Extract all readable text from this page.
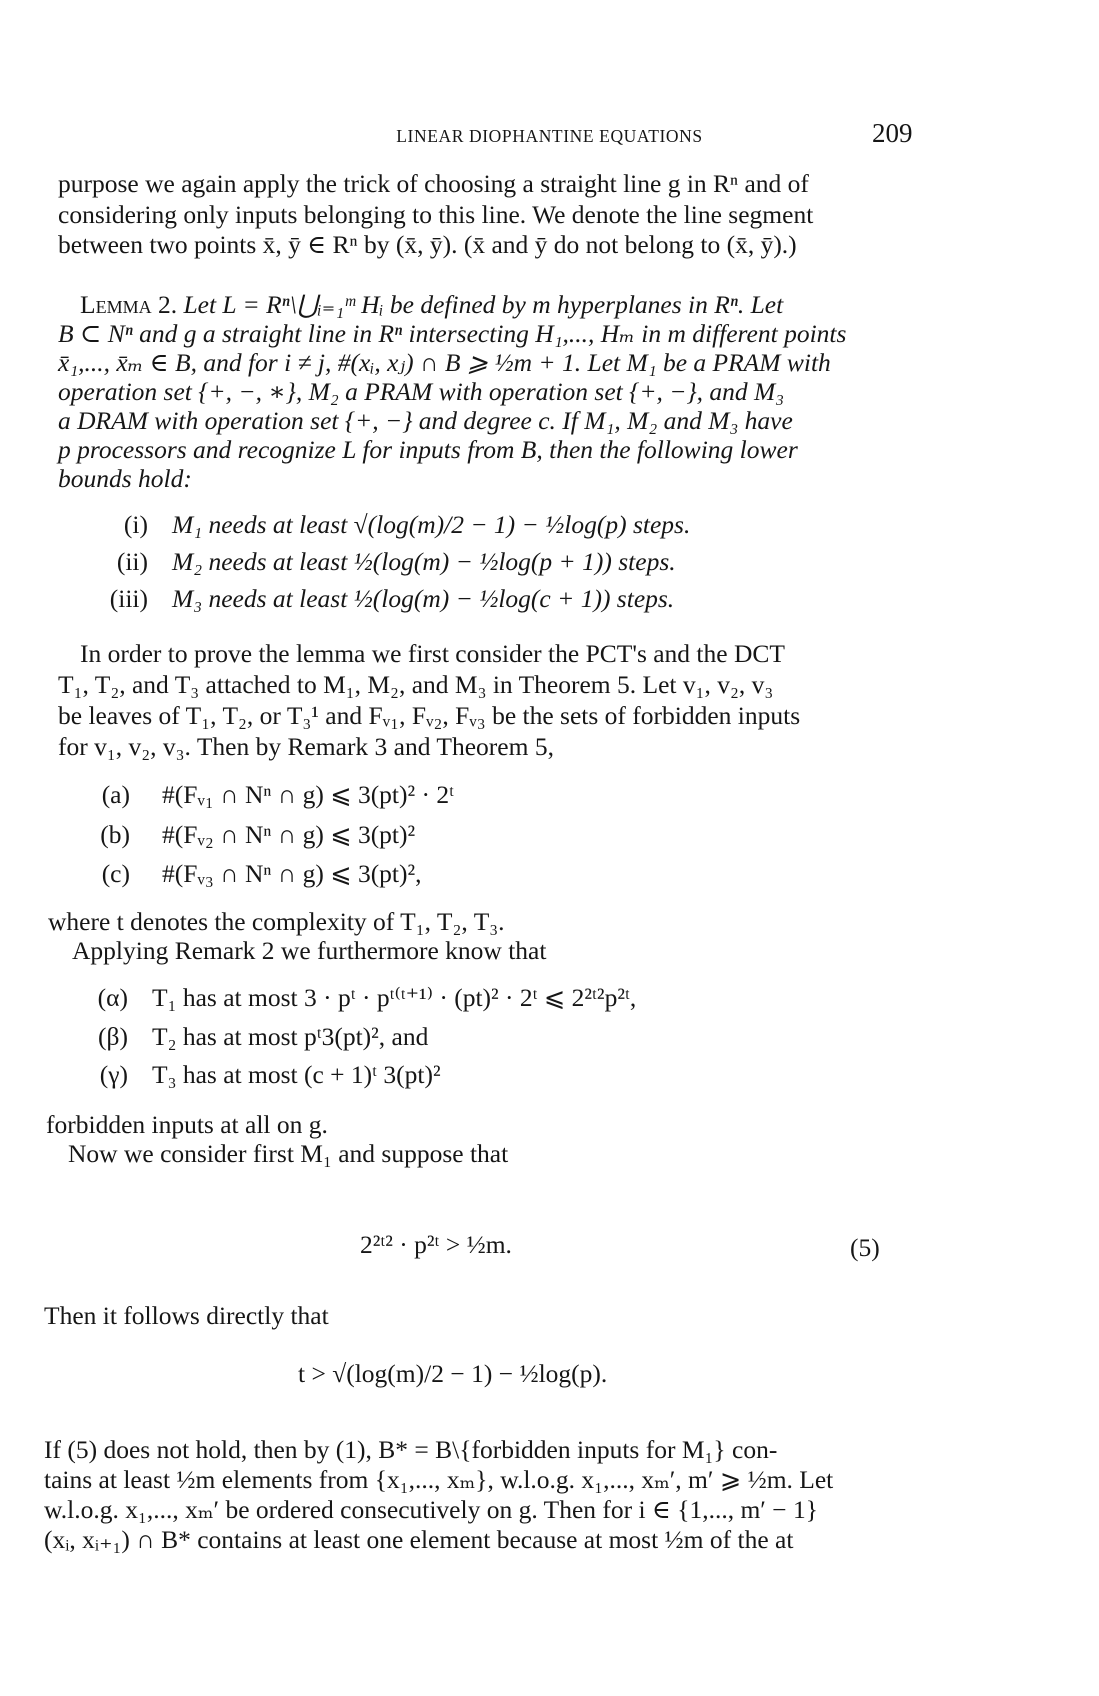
LINEAR DIOPHANTINE EQUATIONS	209
purpose we again apply the trick of choosing a straight line g in Rⁿ and of
considering only inputs belonging to this line. We denote the line segment
between two points x̄, ȳ ∈ Rⁿ by (x̄, ȳ). (x̄ and ȳ do not belong to (x̄, ȳ).)
Lemma 2. Let L = Rⁿ\⋃ᵢ₌₁ᵐ Hᵢ be defined by m hyperplanes in Rⁿ. Let
B ⊂ Nⁿ and g a straight line in Rⁿ intersecting H₁,..., Hₘ in m different points
x̄₁,..., x̄ₘ ∈ B, and for i ≠ j, #(xᵢ, xⱼ) ∩ B ⩾ ½m + 1. Let M₁ be a PRAM with
operation set {+, −, ∗}, M₂ a PRAM with operation set {+, −}, and M₃
a DRAM with operation set {+, −} and degree c. If M₁, M₂ and M₃ have
p processors and recognize L for inputs from B, then the following lower
bounds hold:
(i) M₁ needs at least √(log(m)/2 − 1) − ½log(p) steps.
(ii) M₂ needs at least ½(log(m) − ½log(p + 1)) steps.
(iii) M₃ needs at least ½(log(m) − ½log(c + 1)) steps.
In order to prove the lemma we first consider the PCT's and the DCT
T₁, T₂, and T₃ attached to M₁, M₂, and M₃ in Theorem 5. Let v₁, v₂, v₃
be leaves of T₁, T₂, or T₃¹ and Fᵥ₁, Fᵥ₂, Fᵥ₃ be the sets of forbidden inputs
for v₁, v₂, v₃. Then by Remark 3 and Theorem 5,
(a) #(Fᵥ₁ ∩ Nⁿ ∩ g) ⩽ 3(pt)² · 2ᵗ
(b) #(Fᵥ₂ ∩ Nⁿ ∩ g) ⩽ 3(pt)²
(c) #(Fᵥ₃ ∩ Nⁿ ∩ g) ⩽ 3(pt)²,
where t denotes the complexity of T₁, T₂, T₃.
Applying Remark 2 we furthermore know that
(α) T₁ has at most 3 · pᵗ · pᵗ⁽ᵗ⁺¹⁾ · (pt)² · 2ᵗ ⩽ 2²ᵗ²p²ᵗ,
(β) T₂ has at most pᵗ3(pt)², and
(γ) T₃ has at most (c + 1)ᵗ 3(pt)²
forbidden inputs at all on g.
Now we consider first M₁ and suppose that
2²ᵗ² · p²ᵗ > ½m.	(5)
Then it follows directly that
t > √(log(m)/2 − 1) − ½log(p).
If (5) does not hold, then by (1), B* = B\{forbidden inputs for M₁} con-
tains at least ½m elements from {x₁,..., xₘ}, w.l.o.g. x₁,..., xₘ′, m′ ⩾ ½m. Let
w.l.o.g. x₁,..., xₘ′ be ordered consecutively on g. Then for i ∈ {1,..., m′ − 1}
(xᵢ, xᵢ₊₁) ∩ B* contains at least one element because at most ½m of the at
